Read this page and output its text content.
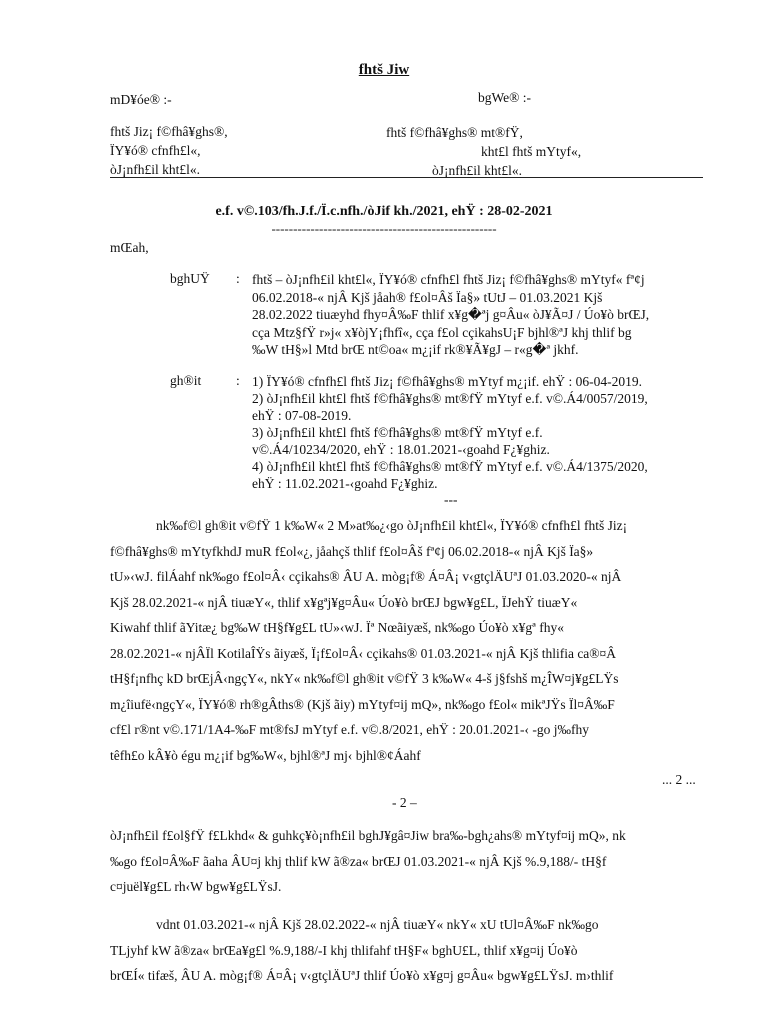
fhtš Jiw
mD¥óe® :-
fhtš Jiz¡ f©fhâ¥ghs®,
ÏY¥ó® cfnfh£l«,
òJ¡nfh£il kht£l«.
bgWe® :-
fhtš f©fhâ¥ghs® mt®fŸ,
kht£l fhtš mYtyf«,
òJ¡nfh£il kht£l«.
e.f. v©.103/fh.J.f./Ï.c.nfh./òJif kh./2021, ehŸ : 28-02-2021
----------------------------------------------------
mŒah,
bghUŸ : fhtš – òJ¡nfh£il kht£l«, ÏY¥ó® cfnfh£l fhtš Jiz¡ f©fhâ¥ghs® mYtyf« fª¢j
06.02.2018-« njÂ Kjš jåah® f£ol¤Âš Ïa§» tUtJ – 01.03.2021 Kjš
28.02.2022 tiuæyhd fhy¤Â‰F thlif x¥g�ªj g¤Âu« òJ¥Ã¤J / Úo¥ò brŒJ,
cça Mtz§fŸ r»j« x¥òjY¡fhfî«, cça f£ol cçikahsU¡F bjhl®ªJ khj thlif bg
‰W tH§»l Mtd brŒ nt©oa« m¿¡if rk®¥Ã¥gJ – r«g�ª jkhf.
gh®it	: 1) ÏY¥ó® cfnfh£l fhtš Jiz¡ f©fhâ¥ghs® mYtyf m¿¡if. ehŸ : 06-04-2019.
2) òJ¡nfh£il kht£l fhtš f©fhâ¥ghs® mt®fŸ mYtyf e.f. v©.Á4/0057/2019,
ehŸ : 07-08-2019.
3) òJ¡nfh£il kht£l fhtš f©fhâ¥ghs® mt®fŸ mYtyf e.f.
v©.Á4/10234/2020, ehŸ : 18.01.2021-‹goahd F¿¥ghiz.
4) òJ¡nfh£il kht£l fhtš f©fhâ¥ghs® mt®fŸ mYtyf e.f. v©.Á4/1375/2020,
ehŸ : 11.02.2021-‹goahd F¿¥ghiz.
---
nk‰f©l gh®it v©fŸ 1 k‰W« 2 M»at‰¿‹go òJ¡nfh£il kht£l«, ÏY¥ó® cfnfh£l fhtš Jiz¡
f©fhâ¥ghs® mYtyfkhdJ muR f£ol«¿, jåahçš thlif f£ol¤Âš fª¢j 06.02.2018-« njÂ Kjš Ïa§»
tU»‹wJ. filÁahf nk‰go f£ol¤Â‹ cçikahs® ÂU A. mòg¡f® Á¤Â¡ v‹gtçlÄUªJ 01.03.2020-« njÂ
Kjš 28.02.2021-« njÂ tiuæY«, thlif x¥gªj¥g¤Âu« Úo¥ò brŒJ bgw¥g£L, ÏJehŸ tiuæY«
Kiwahf thlif ãYitæ¿ bg‰W tH§f¥g£L tU»‹wJ. Ïª Nœãiyæš, nk‰go Úo¥ò x¥gª fhy«
28.02.2021-« njÂÏl KotilaÎŸs ãiyæš, Ï¡f£ol¤Â‹ cçikahs® 01.03.2021-« njÂ Kjš thlifia ca®¤Â
tH§f¡nfhç kD brŒjÂ‹ngçY«, nkY« nk‰f©l gh®it v©fŸ 3 k‰W« 4-š j§fshš m¿ÎW¤j¥g£LŸs
m¿îiufë‹ngçY«, ÏY¥ó® rh®gÂths® (Kjš ãiy) mYtyf¤ij mQ», nk‰go f£ol« mikªJŸs Ïl¤Â‰F
cf£l r®nt v©.171/1A4-‰F mt®fsJ mYtyf e.f. v©.8/2021, ehŸ : 20.01.2021-‹ -go j‰fhy
têfh£o kÂ¥ò égu m¿¡if bg‰W«, bjhl®ªJ mj‹ bjhl®¢Áahf
... 2 ...
- 2 –
òJ¡nfh£il f£ol§fŸ f£Lkhd« & guhkç¥ò¡nfh£il bghJ¥gâ¤Jiw bra‰-bgh¿ahs® mYtyf¤ij mQ», nk
‰go f£ol¤Â‰F ãaha ÂU¤j khj thlif kW ã®za« brŒJ 01.03.2021-« njÂ Kjš %.9,188/- tH§f
c¤juël¥g£L rh‹W bgw¥g£LŸsJ.
vdnt 01.03.2021-« njÂ Kjš 28.02.2022-« njÂ tiuæY« nkY« xU tUl¤Â‰F nk‰go
TLjyhf kW ã®za« brŒa¥g£l %.9,188/-I khj thlifahf tH§F« bghU£L, thlif x¥g¤ij Úo¥ò
brŒÍ« tifæš, ÂU A. mòg¡f® Á¤Â¡ v‹gtçlÄUªJ thlif Úo¥ò x¥g¤j g¤Âu« bgw¥g£LŸsJ. m›thlif
